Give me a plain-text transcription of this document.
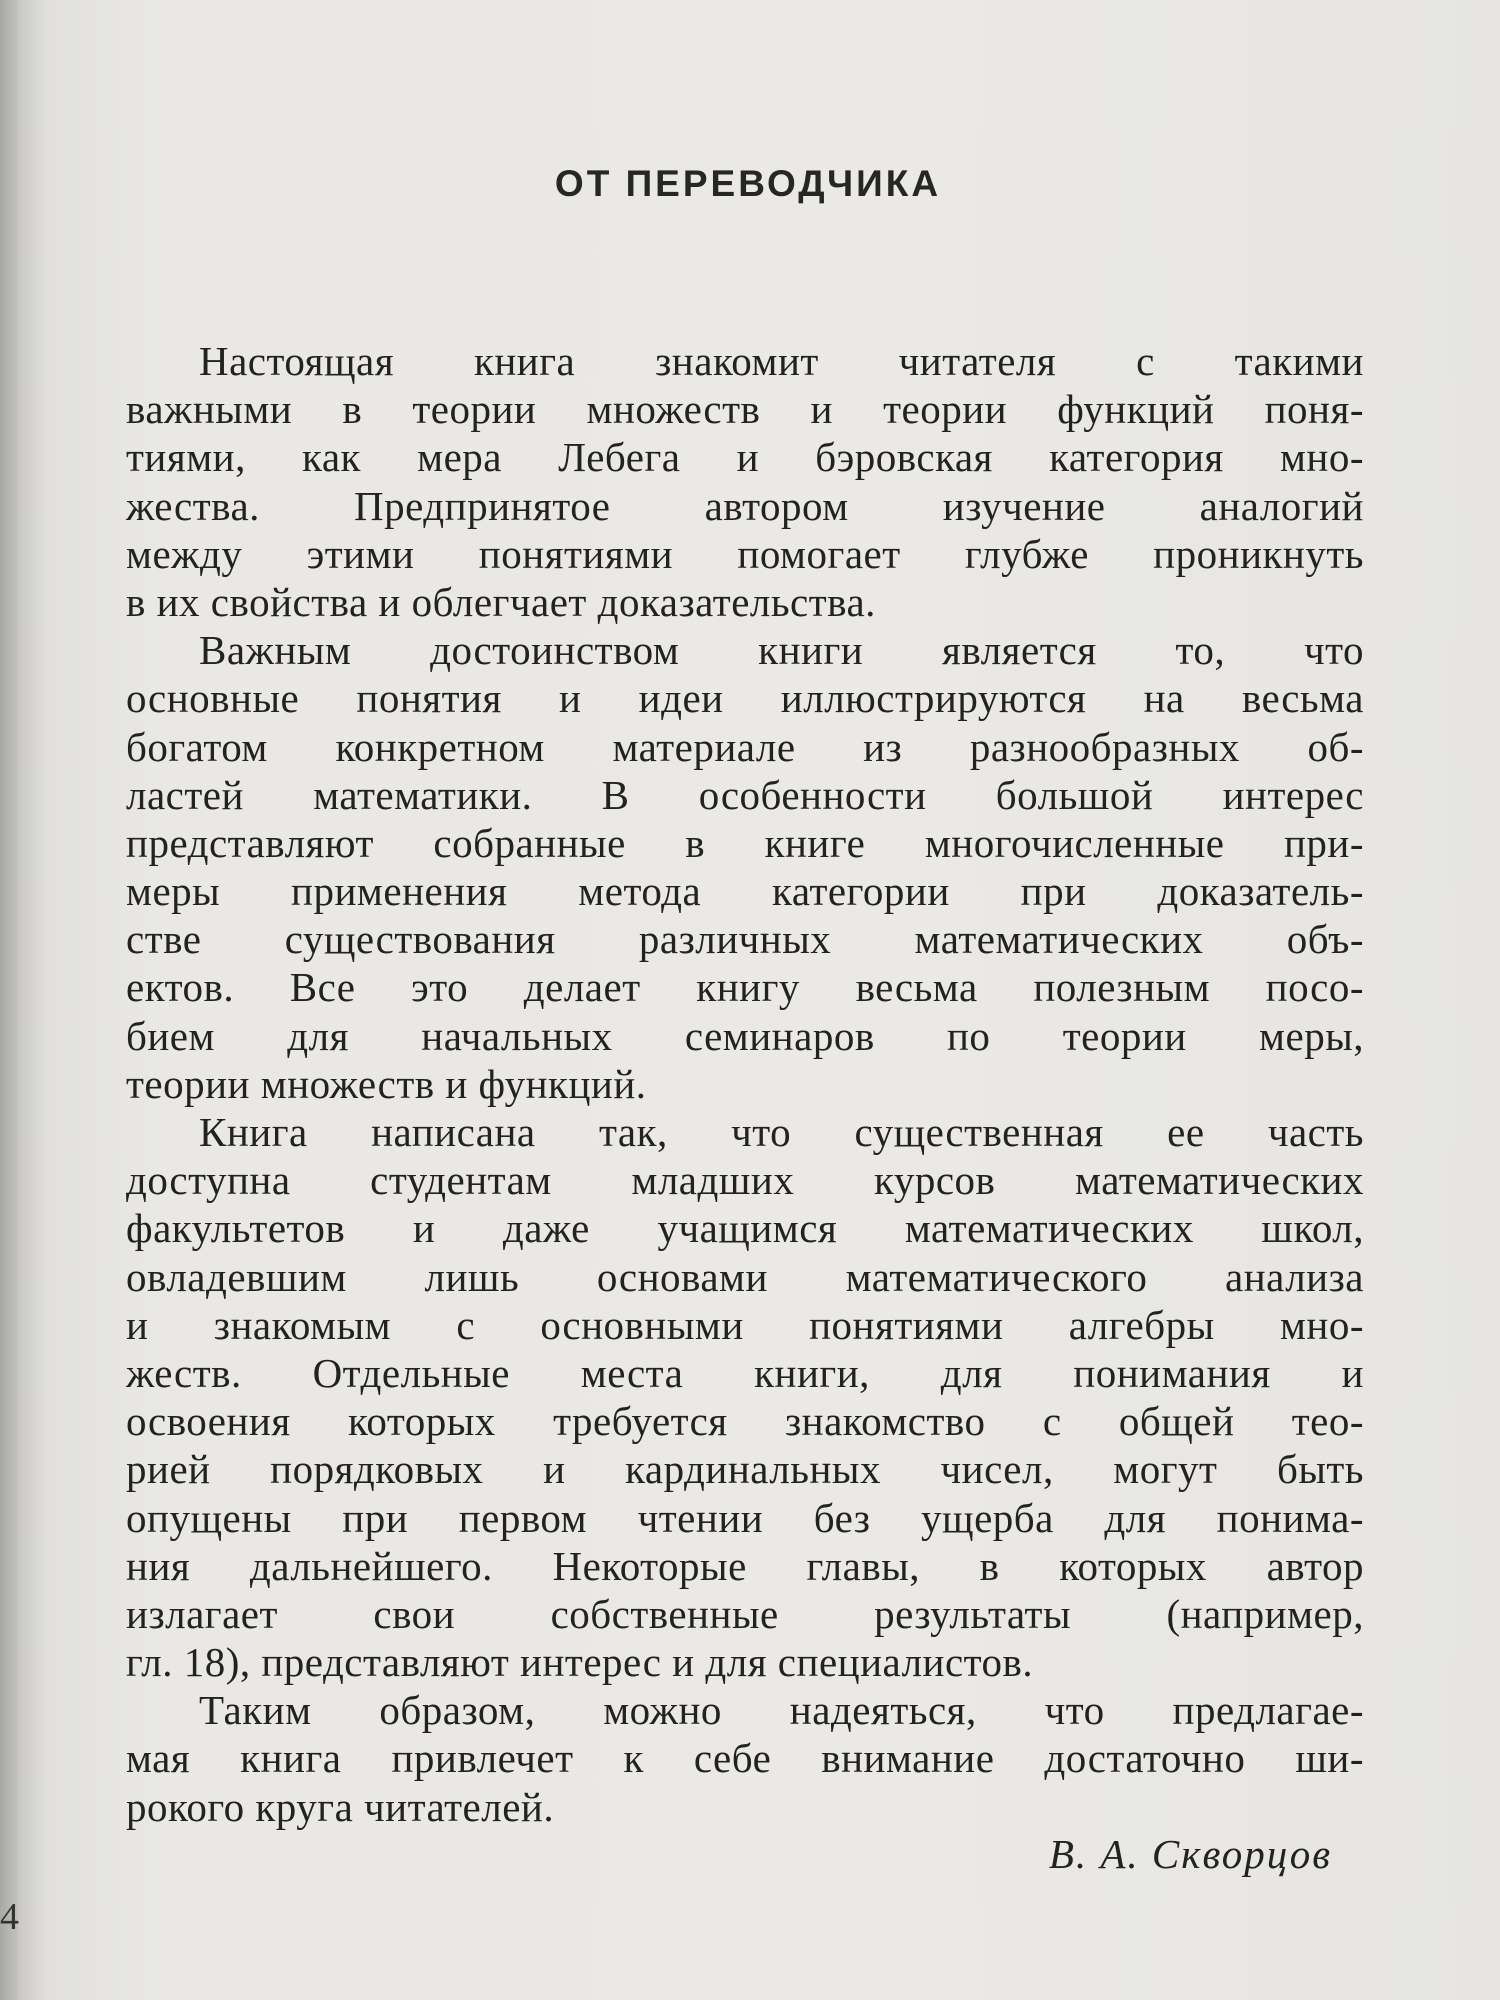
ОТ ПЕРЕВОДЧИКА
Настоящая книга знакомит читателя с такими
важными в теории множеств и теории функций поня-
тиями, как мера Лебега и бэровская категория мно-
жества. Предпринятое автором изучение аналогий
между этими понятиями помогает глубже проникнуть
в их свойства и облегчает доказательства.
Важным достоинством книги является то, что
основные понятия и идеи иллюстрируются на весьма
богатом конкретном материале из разнообразных об-
ластей математики. В особенности большой интерес
представляют собранные в книге многочисленные при-
меры применения метода категории при доказатель-
стве существования различных математических объ-
ектов. Все это делает книгу весьма полезным посо-
бием для начальных семинаров по теории меры,
теории множеств и функций.
Книга написана так, что существенная ее часть
доступна студентам младших курсов математических
факультетов и даже учащимся математических школ,
овладевшим лишь основами математического анализа
и знакомым с основными понятиями алгебры мно-
жеств. Отдельные места книги, для понимания и
освоения которых требуется знакомство с общей тео-
рией порядковых и кардинальных чисел, могут быть
опущены при первом чтении без ущерба для понима-
ния дальнейшего. Некоторые главы, в которых автор
излагает свои собственные результаты (например,
гл. 18), представляют интерес и для специалистов.
Таким образом, можно надеяться, что предлагае-
мая книга привлечет к себе внимание достаточно ши-
рокого круга читателей.
В. А. Скворцов
4
